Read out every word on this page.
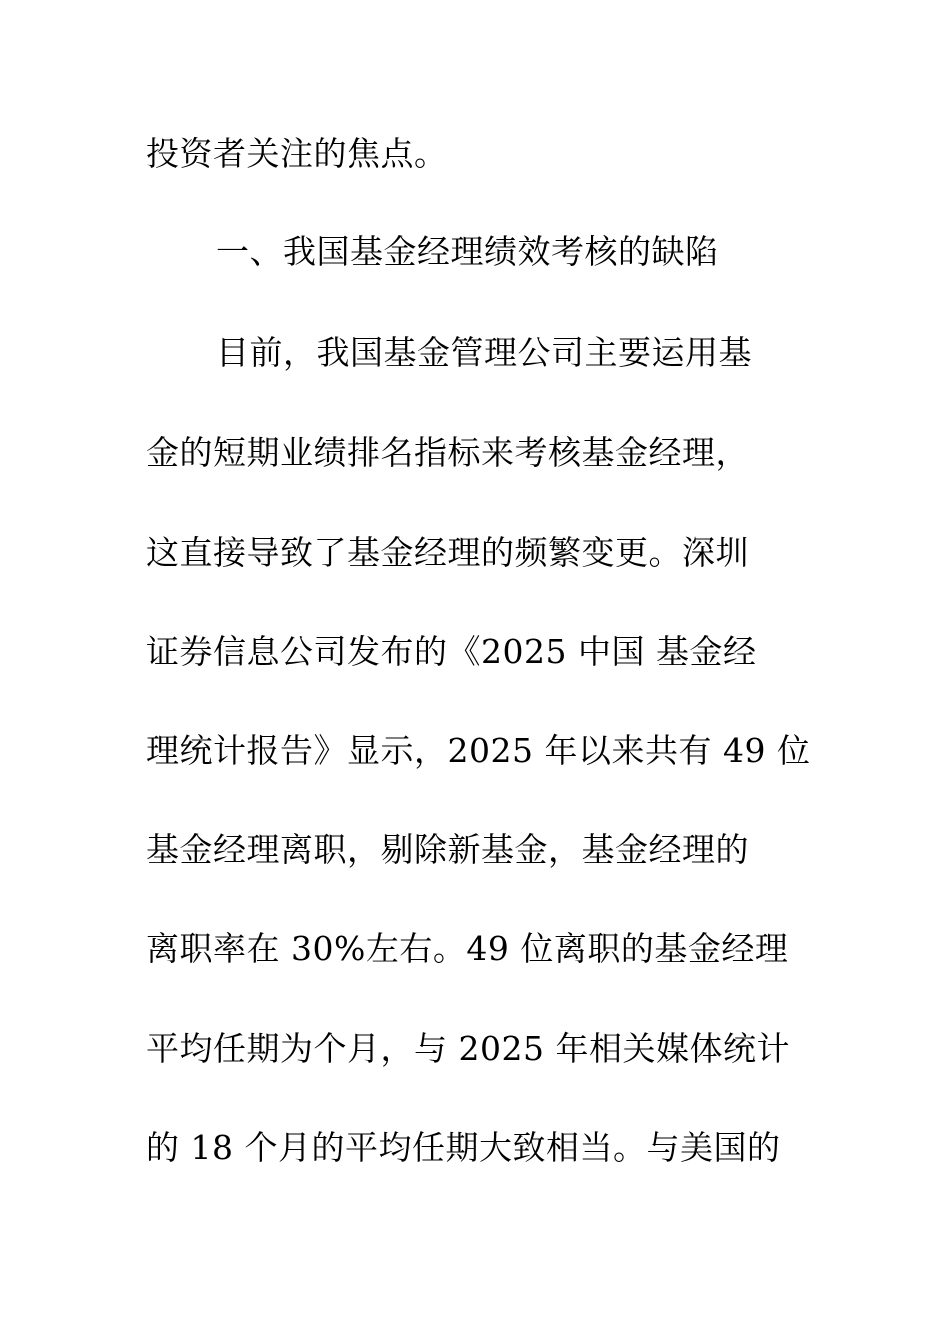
投资者关注的焦点。
一、我国基金经理绩效考核的缺陷
目前，我国基金管理公司主要运用基
金的短期业绩排名指标来考核基金经理，
这直接导致了基金经理的频繁变更。深圳
证券信息公司发布的《2025 中国 基金经
理统计报告》显示，2025 年以来共有 49 位
基金经理离职，剔除新基金，基金经理的
离职率在 30%左右。49 位离职的基金经理
平均任期为个月，与 2025 年相关媒体统计
的 18 个月的平均任期大致相当。与美国的
